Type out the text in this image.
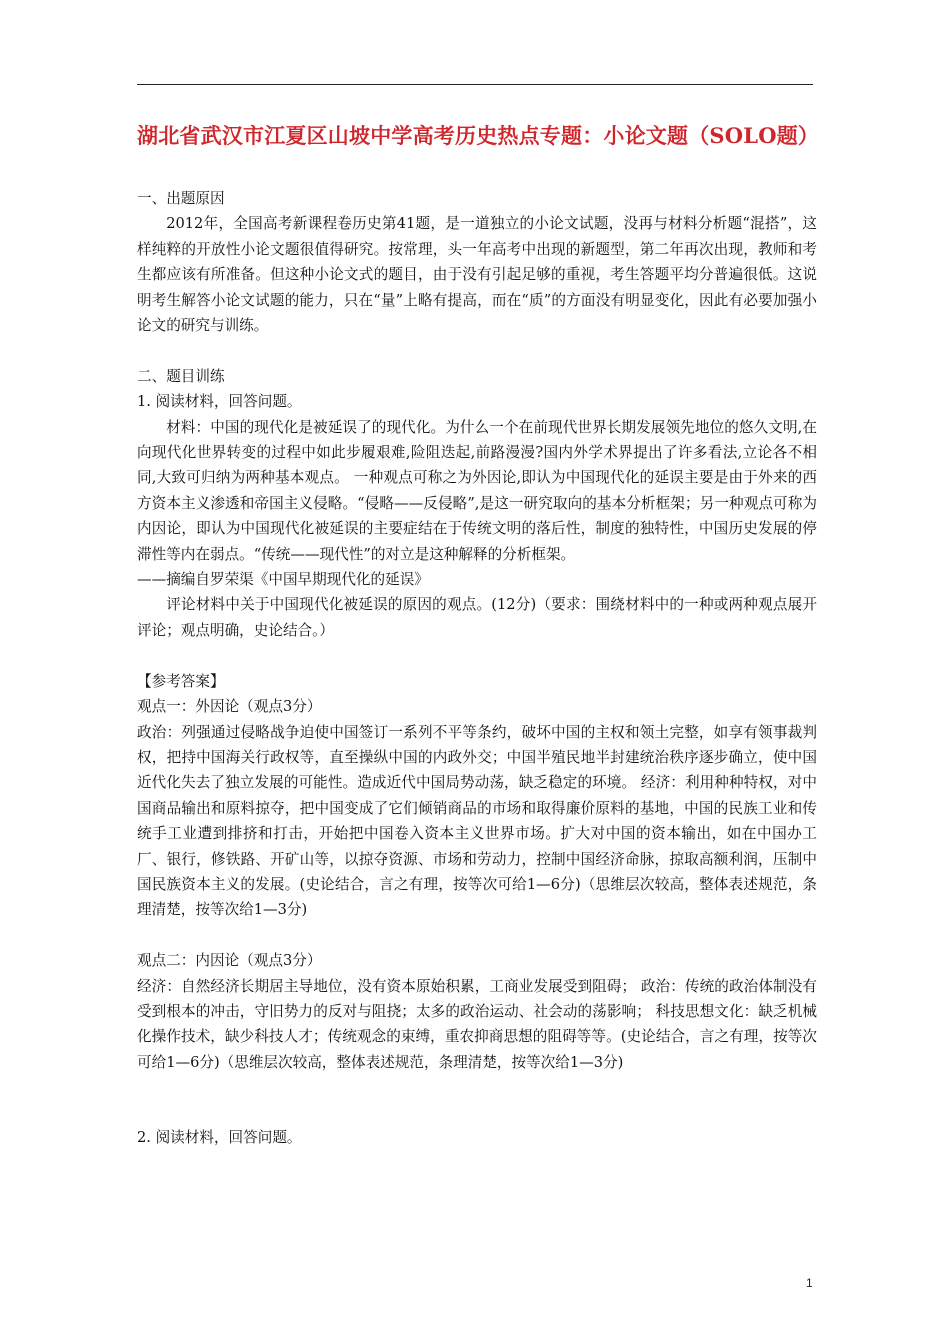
湖北省武汉市江夏区山坡中学高考历史热点专题：小论文题（SOLO题）

一、出题原因

2012年，全国高考新课程卷历史第41题，是一道独立的小论文试题，没再与材料分析题“混搭”，这样纯粹的开放性小论文题很值得研究。按常理，头一年高考中出现的新题型，第二年再次出现，教师和考生都应该有所准备。但这种小论文式的题目，由于没有引起足够的重视，考生答题平均分普遍很低。这说明考生解答小论文试题的能力，只在“量”上略有提高，而在“质”的方面没有明显变化，因此有必要加强小论文的研究与训练。

二、题目训练

1. 阅读材料，回答问题。

材料：中国的现代化是被延误了的现代化。为什么一个在前现代世界长期发展领先地位的悠久文明,在向现代化世界转变的过程中如此步履艰难,险阻迭起,前路漫漫?国内外学术界提出了许多看法,立论各不相同,大致可归纳为两种基本观点。 一种观点可称之为外因论,即认为中国现代化的延误主要是由于外来的西方资本主义渗透和帝国主义侵略。“侵略——反侵略”,是这一研究取向的基本分析框架；另一种观点可称为内因论，即认为中国现代化被延误的主要症结在于传统文明的落后性，制度的独特性，中国历史发展的停滞性等内在弱点。“传统——现代性”的对立是这种解释的分析框架。

——摘编自罗荣渠《中国早期现代化的延误》

评论材料中关于中国现代化被延误的原因的观点。(12分)（要求：围绕材料中的一种或两种观点展开评论；观点明确，史论结合。）

【参考答案】

观点一：外因论（观点3分）

政治：列强通过侵略战争迫使中国签订一系列不平等条约，破坏中国的主权和领土完整，如享有领事裁判权，把持中国海关行政权等，直至操纵中国的内政外交；中国半殖民地半封建统治秩序逐步确立，使中国近代化失去了独立发展的可能性。造成近代中国局势动荡，缺乏稳定的环境。 经济：利用种种特权，对中国商品输出和原料掠夺，把中国变成了它们倾销商品的市场和取得廉价原料的基地，中国的民族工业和传统手工业遭到排挤和打击，开始把中国卷入资本主义世界市场。扩大对中国的资本输出，如在中国办工厂、银行，修铁路、开矿山等，以掠夺资源、市场和劳动力，控制中国经济命脉，掠取高额利润，压制中国民族资本主义的发展。(史论结合，言之有理，按等次可给1—6分)（思维层次较高，整体表述规范，条理清楚，按等次给1—3分)

观点二：内因论（观点3分）

经济：自然经济长期居主导地位，没有资本原始积累，工商业发展受到阻碍； 政治：传统的政治体制没有受到根本的冲击，守旧势力的反对与阻挠；太多的政治运动、社会动的荡影响； 科技思想文化：缺乏机械化操作技术，缺少科技人才；传统观念的束缚，重农抑商思想的阻碍等等。(史论结合，言之有理，按等次可给1—6分)（思维层次较高，整体表述规范，条理清楚，按等次给1—3分)

2. 阅读材料，回答问题。

1
